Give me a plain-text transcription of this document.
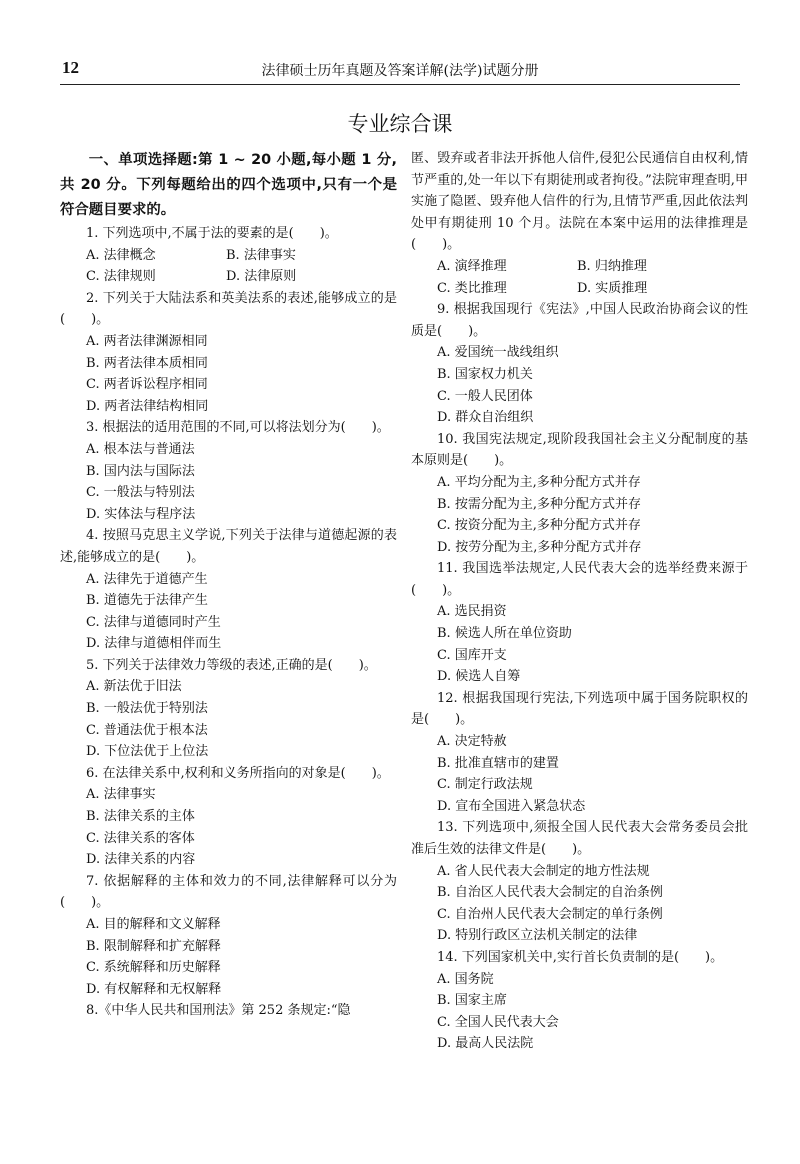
12	法律硕士历年真题及答案详解(法学)试题分册
专业综合课

一、单项选择题:第 1 ~ 20 小题,每小题 1 分,共 20 分。下列每题给出的四个选项中,只有一个是符合题目要求的。

1. 下列选项中,不属于法的要素的是(　　)。

A. 法律概念	B. 法律事实
C. 法律规则	D. 法律原则

2. 下列关于大陆法系和英美法系的表述,能够成立的是(　　)。

A. 两者法律渊源相同

B. 两者法律本质相同

C. 两者诉讼程序相同

D. 两者法律结构相同

3. 根据法的适用范围的不同,可以将法划分为(　　)。

A. 根本法与普通法

B. 国内法与国际法

C. 一般法与特别法

D. 实体法与程序法

4. 按照马克思主义学说,下列关于法律与道德起源的表述,能够成立的是(　　)。

A. 法律先于道德产生

B. 道德先于法律产生

C. 法律与道德同时产生

D. 法律与道德相伴而生

5. 下列关于法律效力等级的表述,正确的是(　　)。

A. 新法优于旧法

B. 一般法优于特别法

C. 普通法优于根本法

D. 下位法优于上位法

6. 在法律关系中,权利和义务所指向的对象是(　　)。

A. 法律事实

B. 法律关系的主体

C. 法律关系的客体

D. 法律关系的内容

7. 依据解释的主体和效力的不同,法律解释可以分为(　　)。

A. 目的解释和文义解释

B. 限制解释和扩充解释

C. 系统解释和历史解释

D. 有权解释和无权解释

8.《中华人民共和国刑法》第 252 条规定:“隐

匿、毁弃或者非法开拆他人信件,侵犯公民通信自由权利,情节严重的,处一年以下有期徒刑或者拘役。”法院审理查明,甲实施了隐匿、毁弃他人信件的行为,且情节严重,因此依法判处甲有期徒刑 10 个月。法院在本案中运用的法律推理是(　　)。

A. 演绎推理	B. 归纳推理
C. 类比推理	D. 实质推理

9. 根据我国现行《宪法》,中国人民政治协商会议的性质是(　　)。

A. 爱国统一战线组织

B. 国家权力机关

C. 一般人民团体

D. 群众自治组织

10. 我国宪法规定,现阶段我国社会主义分配制度的基本原则是(　　)。

A. 平均分配为主,多种分配方式并存

B. 按需分配为主,多种分配方式并存

C. 按资分配为主,多种分配方式并存

D. 按劳分配为主,多种分配方式并存

11. 我国选举法规定,人民代表大会的选举经费来源于(　　)。

A. 选民捐资

B. 候选人所在单位资助

C. 国库开支

D. 候选人自筹

12. 根据我国现行宪法,下列选项中属于国务院职权的是(　　)。

A. 决定特赦

B. 批准直辖市的建置

C. 制定行政法规

D. 宣布全国进入紧急状态

13. 下列选项中,须报全国人民代表大会常务委员会批准后生效的法律文件是(　　)。

A. 省人民代表大会制定的地方性法规

B. 自治区人民代表大会制定的自治条例

C. 自治州人民代表大会制定的单行条例

D. 特别行政区立法机关制定的法律

14. 下列国家机关中,实行首长负责制的是(　　)。

A. 国务院

B. 国家主席

C. 全国人民代表大会

D. 最高人民法院
